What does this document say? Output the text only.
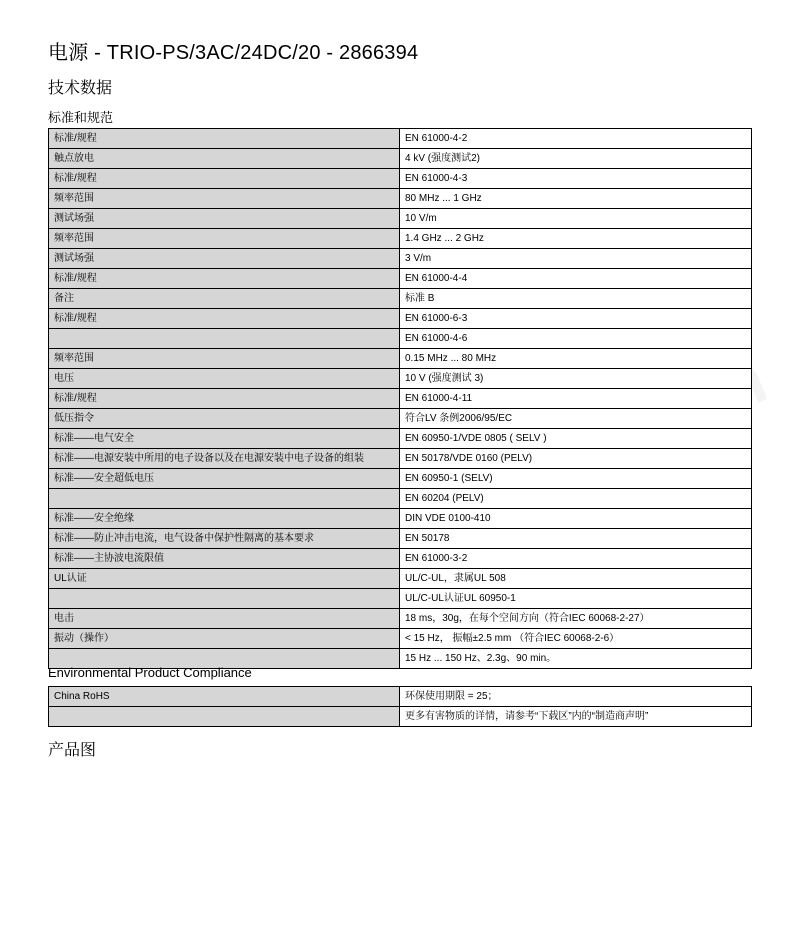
电源 - TRIO-PS/3AC/24DC/20 - 2866394
技术数据
标准和规范
标准/规程	EN 61000-4-2
触点放电	4 kV (强度测试2)
标准/规程	EN 61000-4-3
频率范围	80 MHz ... 1 GHz
测试场强	10 V/m
频率范围	1.4 GHz ... 2 GHz
测试场强	3 V/m
标准/规程	EN 61000-4-4
备注	标准 B
标准/规程	EN 61000-6-3
	EN 61000-4-6
频率范围	0.15 MHz ... 80 MHz
电压	10 V (强度测试 3)
标准/规程	EN 61000-4-11
低压指令	符合LV 条例2006/95/EC
标准——电气安全	EN 60950-1/VDE 0805 ( SELV )
标准——电源安装中所用的电子设备以及在电源安装中电子设备的组装	EN 50178/VDE 0160 (PELV)
标准——安全超低电压	EN 60950-1 (SELV)
	EN 60204 (PELV)
标准——安全绝缘	DIN VDE 0100-410
标准——防止冲击电流，电气设备中保护性隔离的基本要求	EN 50178
标准——主协波电流限值	EN 61000-3-2
UL认证	UL/C-UL，隶属UL 508
	UL/C-UL认证UL 60950-1
电击	18 ms，30g，在每个空间方向（符合IEC 60068-2-27）
振动（操作）	< 15 Hz， 振幅±2.5 mm （符合IEC 60068-2-6）
	15 Hz ... 150 Hz、2.3g、90 min。
Environmental Product Compliance
China RoHS	环保使用期限 = 25；
	更多有害物质的详情，请参考“下载区”内的“制造商声明”
产品图
